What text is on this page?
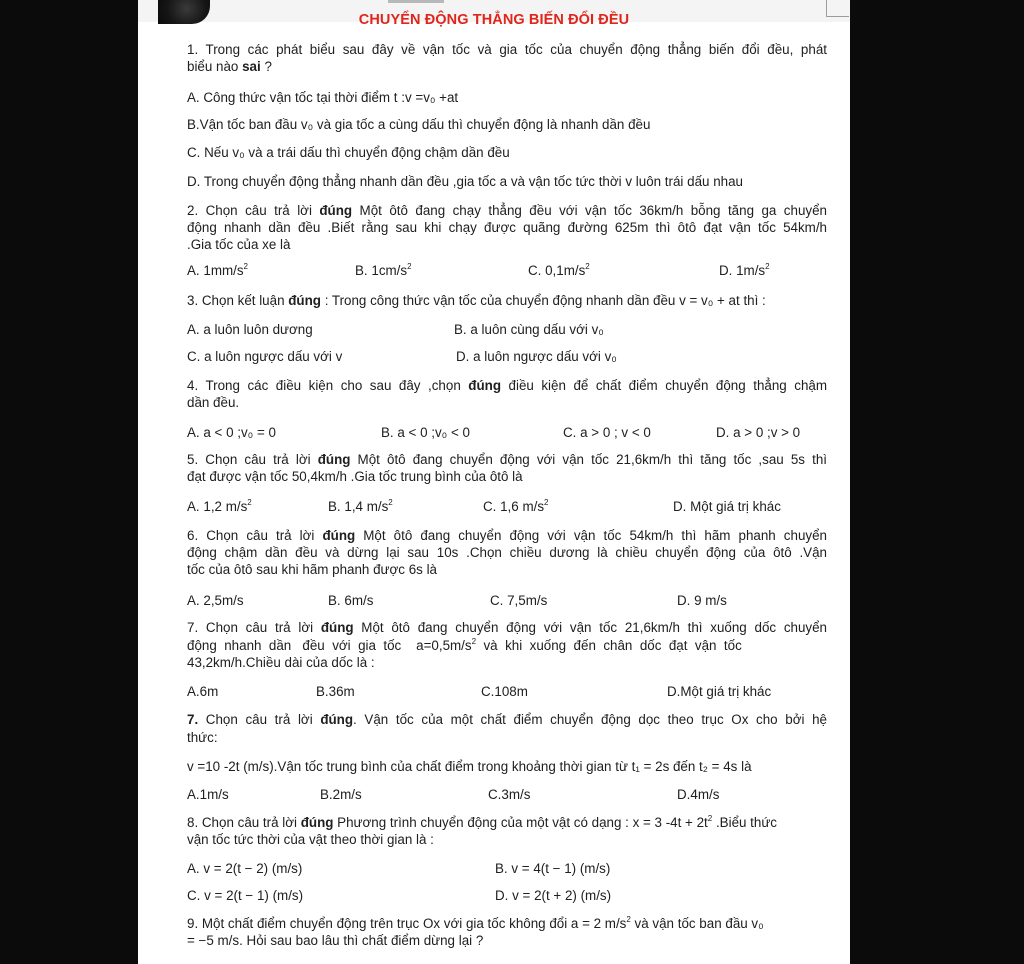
CHUYỂN ĐỘNG THẲNG BIẾN ĐỔI ĐỀU
1. Trong các phát biểu sau đây về vận tốc và gia tốc của chuyển động thẳng biến đổi đều, phát
biểu nào sai ?
A. Công thức vận tốc tại thời điểm t :v =v₀ +at
B.Vận tốc ban đầu v₀ và gia tốc a cùng dấu thì chuyển động là nhanh dần đều
C. Nếu v₀ và a trái dấu thì chuyển động chậm dần đều
D. Trong chuyển động thẳng nhanh dần đều ,gia tốc a và vận tốc tức thời v luôn trái dấu nhau
2. Chọn câu trả lời đúng Một ôtô đang chạy thẳng đều với vận tốc 36km/h bỗng tăng ga chuyển
động nhanh dần đều .Biết rằng sau khi chạy được quãng đường 625m thì ôtô đạt vận tốc 54km/h
.Gia tốc của xe là
A. $1mm/s^2$	B. $1cm/s^2$	C. $0,1m/s^2$	D. $1m/s^2$
3. Chọn kết luận đúng : Trong công thức vận tốc của chuyển động nhanh dần đều v = v₀ + at thì :
A. a luôn luôn dương	B. a luôn cùng dấu với v₀
C. a luôn ngược dấu với v	D. a luôn ngược dấu với v₀
4. Trong các điều kiện cho sau đây ,chọn đúng điều kiện để chất điểm chuyển động thẳng chậm
dần đều.
A. a < 0 ;v₀ = 0	B. a < 0 ;v₀ < 0	C. a > 0 ; v < 0	D. a > 0 ;v > 0
5. Chọn câu trả lời đúng Một ôtô đang chuyển động với vận tốc 21,6km/h thì tăng tốc ,sau 5s thì
đạt được vận tốc 50,4km/h .Gia tốc trung bình của ôtô là
A. 1,2 $m/s^2$	B. 1,4 $m/s^2$	C. 1,6 $m/s^2$	D. Một giá trị khác
6. Chọn câu trả lời đúng Một ôtô đang chuyển động với vận tốc 54km/h thì hãm phanh chuyển
động chậm dần đều và dừng lại sau 10s .Chọn chiều dương là chiều chuyển động của ôtô .Vận
tốc của ôtô sau khi hãm phanh được 6s là
A. 2,5m/s	B. 6m/s	C. 7,5m/s	D. 9 m/s
7. Chọn câu trả lời đúng Một ôtô đang chuyển động với vận tốc 21,6km/h thì xuống dốc chuyển
động  nhanh  dần   đều  với  gia  tốc    $a=0,5m/s^2$  và  khi  xuống  đến  chân  dốc  đạt  vận  tốc
43,2km/h.Chiều dài của dốc là :
A.6m	B.36m	C.108m	D.Một giá trị khác
7. Chọn câu trả lời đúng. Vận tốc của một chất điểm chuyển động dọc theo trục Ox cho bởi hệ
thức:
v =10 -2t (m/s).Vận tốc trung bình của chất điểm trong khoảng thời gian từ t₁ = 2s đến t₂ = 4s là
A.1m/s	B.2m/s	C.3m/s	D.4m/s
8. Chọn câu trả lời đúng Phương trình chuyển động của một vật có dạng : x = 3 $-4t + 2t^2$ .Biểu thức
vận tốc tức thời của vật theo thời gian là :
A. v = 2(t − 2) (m/s)	B. v = 4(t − 1) (m/s)
C. v = 2(t − 1) (m/s)	D. v = 2(t + 2) (m/s)
9. Một chất điểm chuyển động trên trục Ox với gia tốc không đổi a = 2 $m/s^2$ và vận tốc ban đầu v₀
= −5 m/s. Hỏi sau bao lâu thì chất điểm dừng lại ?
